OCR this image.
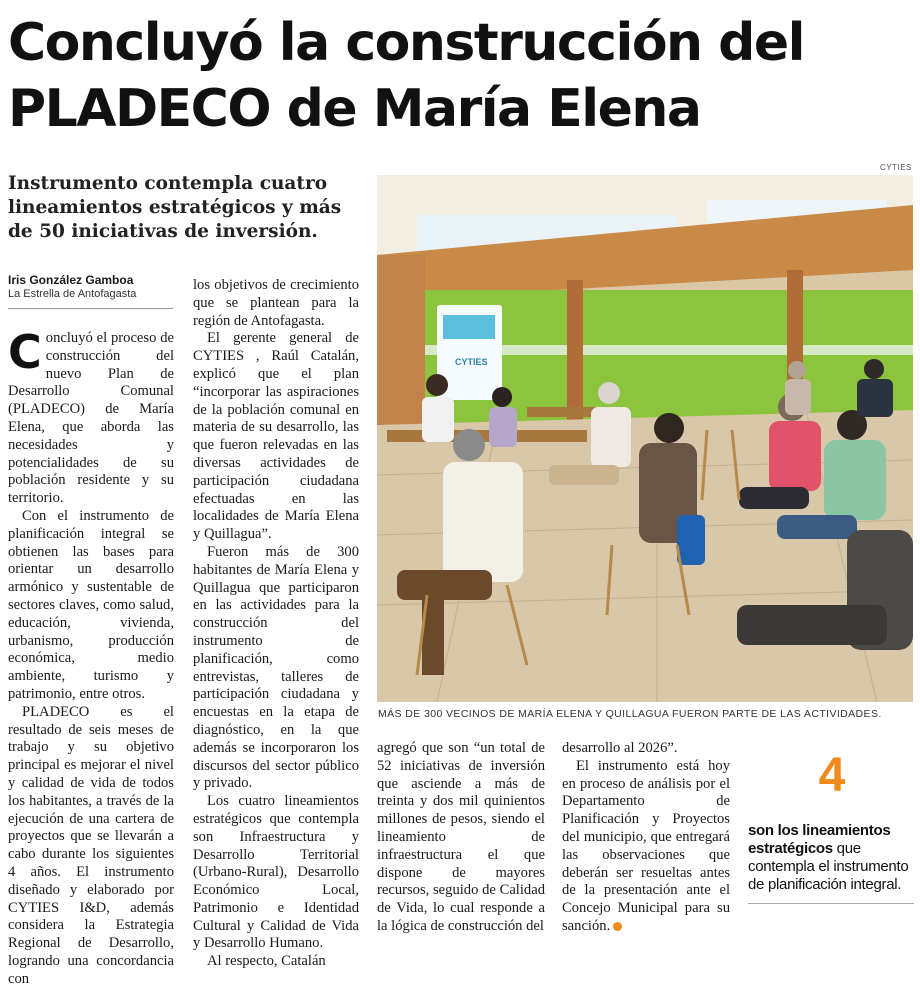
Concluyó la construcción del
PLADECO de María Elena

Instrumento contempla cuatro lineamientos estratégicos y más de 50 iniciativas de inversión.

Iris González Gamboa
La Estrella de Antofagasta
CYTIES
CYTIES
MÁS DE 300 VECINOS DE MARÍA ELENA Y QUILLAGUA FUERON PARTE DE LAS ACTIVIDADES.

Concluyó el proceso de construcción del nuevo Plan de Desarrollo Comunal (PLADECO) de María Elena, que aborda las necesidades y potencialidades de su población residente y su territorio.

Con el instrumento de planificación integral se obtienen las bases para orientar un desarrollo armónico y sustentable de sectores claves, como salud, educación, vivienda, urbanismo, producción económica, medio ambiente, turismo y patrimonio, entre otros.

PLADECO es el resultado de seis meses de trabajo y su objetivo principal es mejorar el nivel y calidad de vida de todos los habitantes, a través de la ejecución de una cartera de proyectos que se llevarán a cabo durante los siguientes 4 años. El instrumento diseñado y elaborado por CYTIES I&D, además considera la Estrategia Regional de Desarrollo, logrando una concordancia con

los objetivos de crecimiento que se plantean para la región de Antofagasta.

El gerente general de CYTIES , Raúl Catalán, explicó que el plan “incorporar las aspiraciones de la población comunal en materia de su desarrollo, las que fueron relevadas en las diversas actividades de participación ciudadana efectuadas en las localidades de María Elena y Quillagua”.

Fueron más de 300 habitantes de María Elena y Quillagua que participaron en las actividades para la construcción del instrumento de planificación, como entrevistas, talleres de participación ciudadana y encuestas en la etapa de diagnóstico, en la que además se incorporaron los discursos del sector público y privado.

Los cuatro lineamientos estratégicos que contempla son Infraestructura y Desarrollo Territorial (Urbano-Rural), Desarrollo Económico Local, Patrimonio e Identidad Cultural y Calidad de Vida y Desarrollo Humano.

Al respecto, Catalán

agregó que son “un total de 52 iniciativas de inversión que asciende a más de treinta y dos mil quinientos millones de pesos, siendo el lineamiento de infraestructura el que dispone de mayores recursos, seguido de Calidad de Vida, lo cual responde a la lógica de construcción del

desarrollo al 2026”.

El instrumento está hoy en proceso de análisis por el Departamento de Planificación y Proyectos del municipio, que entregará las observaciones que deberán ser resueltas antes de la presentación ante el Concejo Municipal para su sanción.

4
son los lineamientos estratégicos que contempla el instrumento de planificación integral.
